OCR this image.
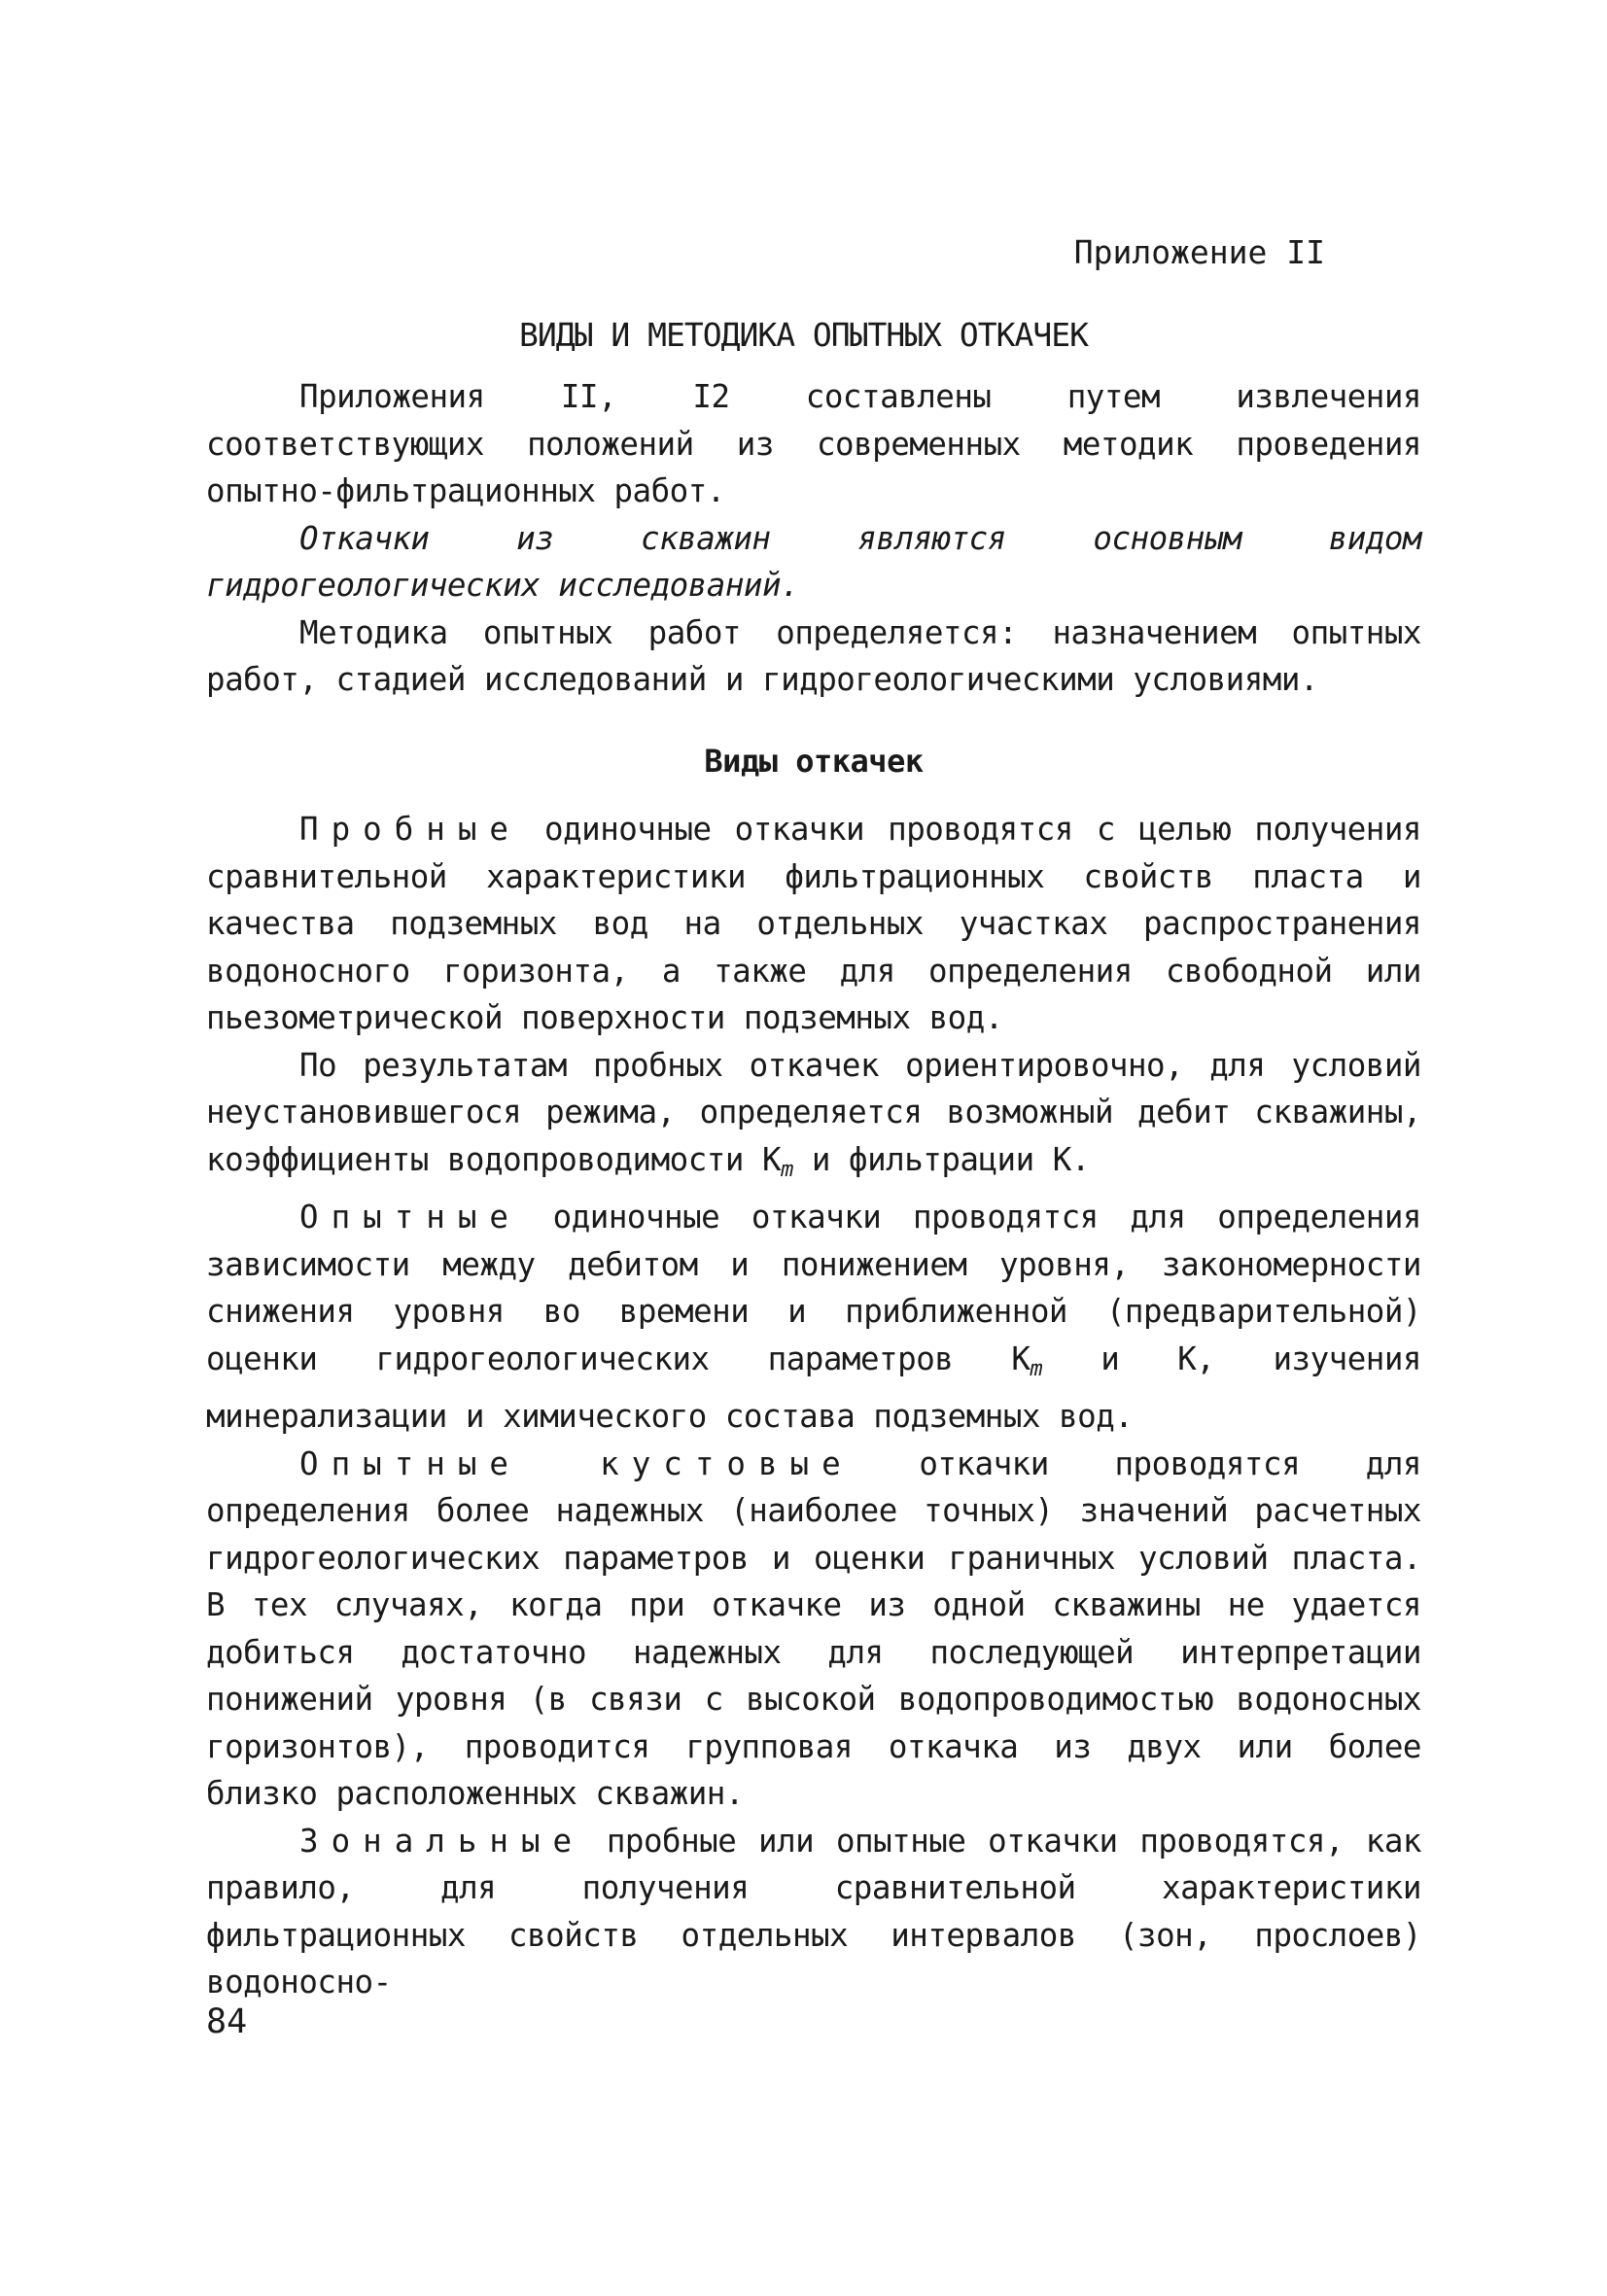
Приложение II
ВИДЫ И МЕТОДИКА ОПЫТНЫХ ОТКАЧЕК

Приложения II, I2 составлены путем извлечения соответствующих положений из современных методик проведения опытно-фильтрационных работ.

Откачки из скважин являются основным видом гидрогеологических исследований.

Методика опытных работ определяется: назначением опытных работ, стадией исследований и гидрогеологическими условиями.

Виды откачек

Пробные одиночные откачки проводятся с целью получения сравнительной характеристики фильтрационных свойств пласта и качества подземных вод на отдельных участках распространения водоносного горизонта, а также для определения свободной или пьезометрической поверхности подземных вод.

По результатам пробных откачек ориентировочно, для условий неустановившегося режима, определяется возможный дебит скважины, коэффициенты водопроводимости $К_m$ и фильтрации К.

Опытные одиночные откачки проводятся для определения зависимости между дебитом и понижением уровня, закономерности снижения уровня во времени и приближенной (предварительной) оценки гидрогеологических параметров $К_m$ и К, изучения минерализации и химического состава подземных вод.

Опытные кустовые откачки проводятся для определения более надежных (наиболее точных) значений расчетных гидрогеологических параметров и оценки граничных условий пласта. В тех случаях, когда при откачке из одной скважины не удается добиться достаточно надежных для последующей интерпретации понижений уровня (в связи с высокой водопроводимостью водоносных горизонтов), проводится групповая откачка из двух или более близко расположенных скважин.

Зональные пробные или опытные откачки проводятся, как правило, для получения сравнительной характеристики фильтрационных свойств отдельных интервалов (зон, прослоев) водоносно-

84
